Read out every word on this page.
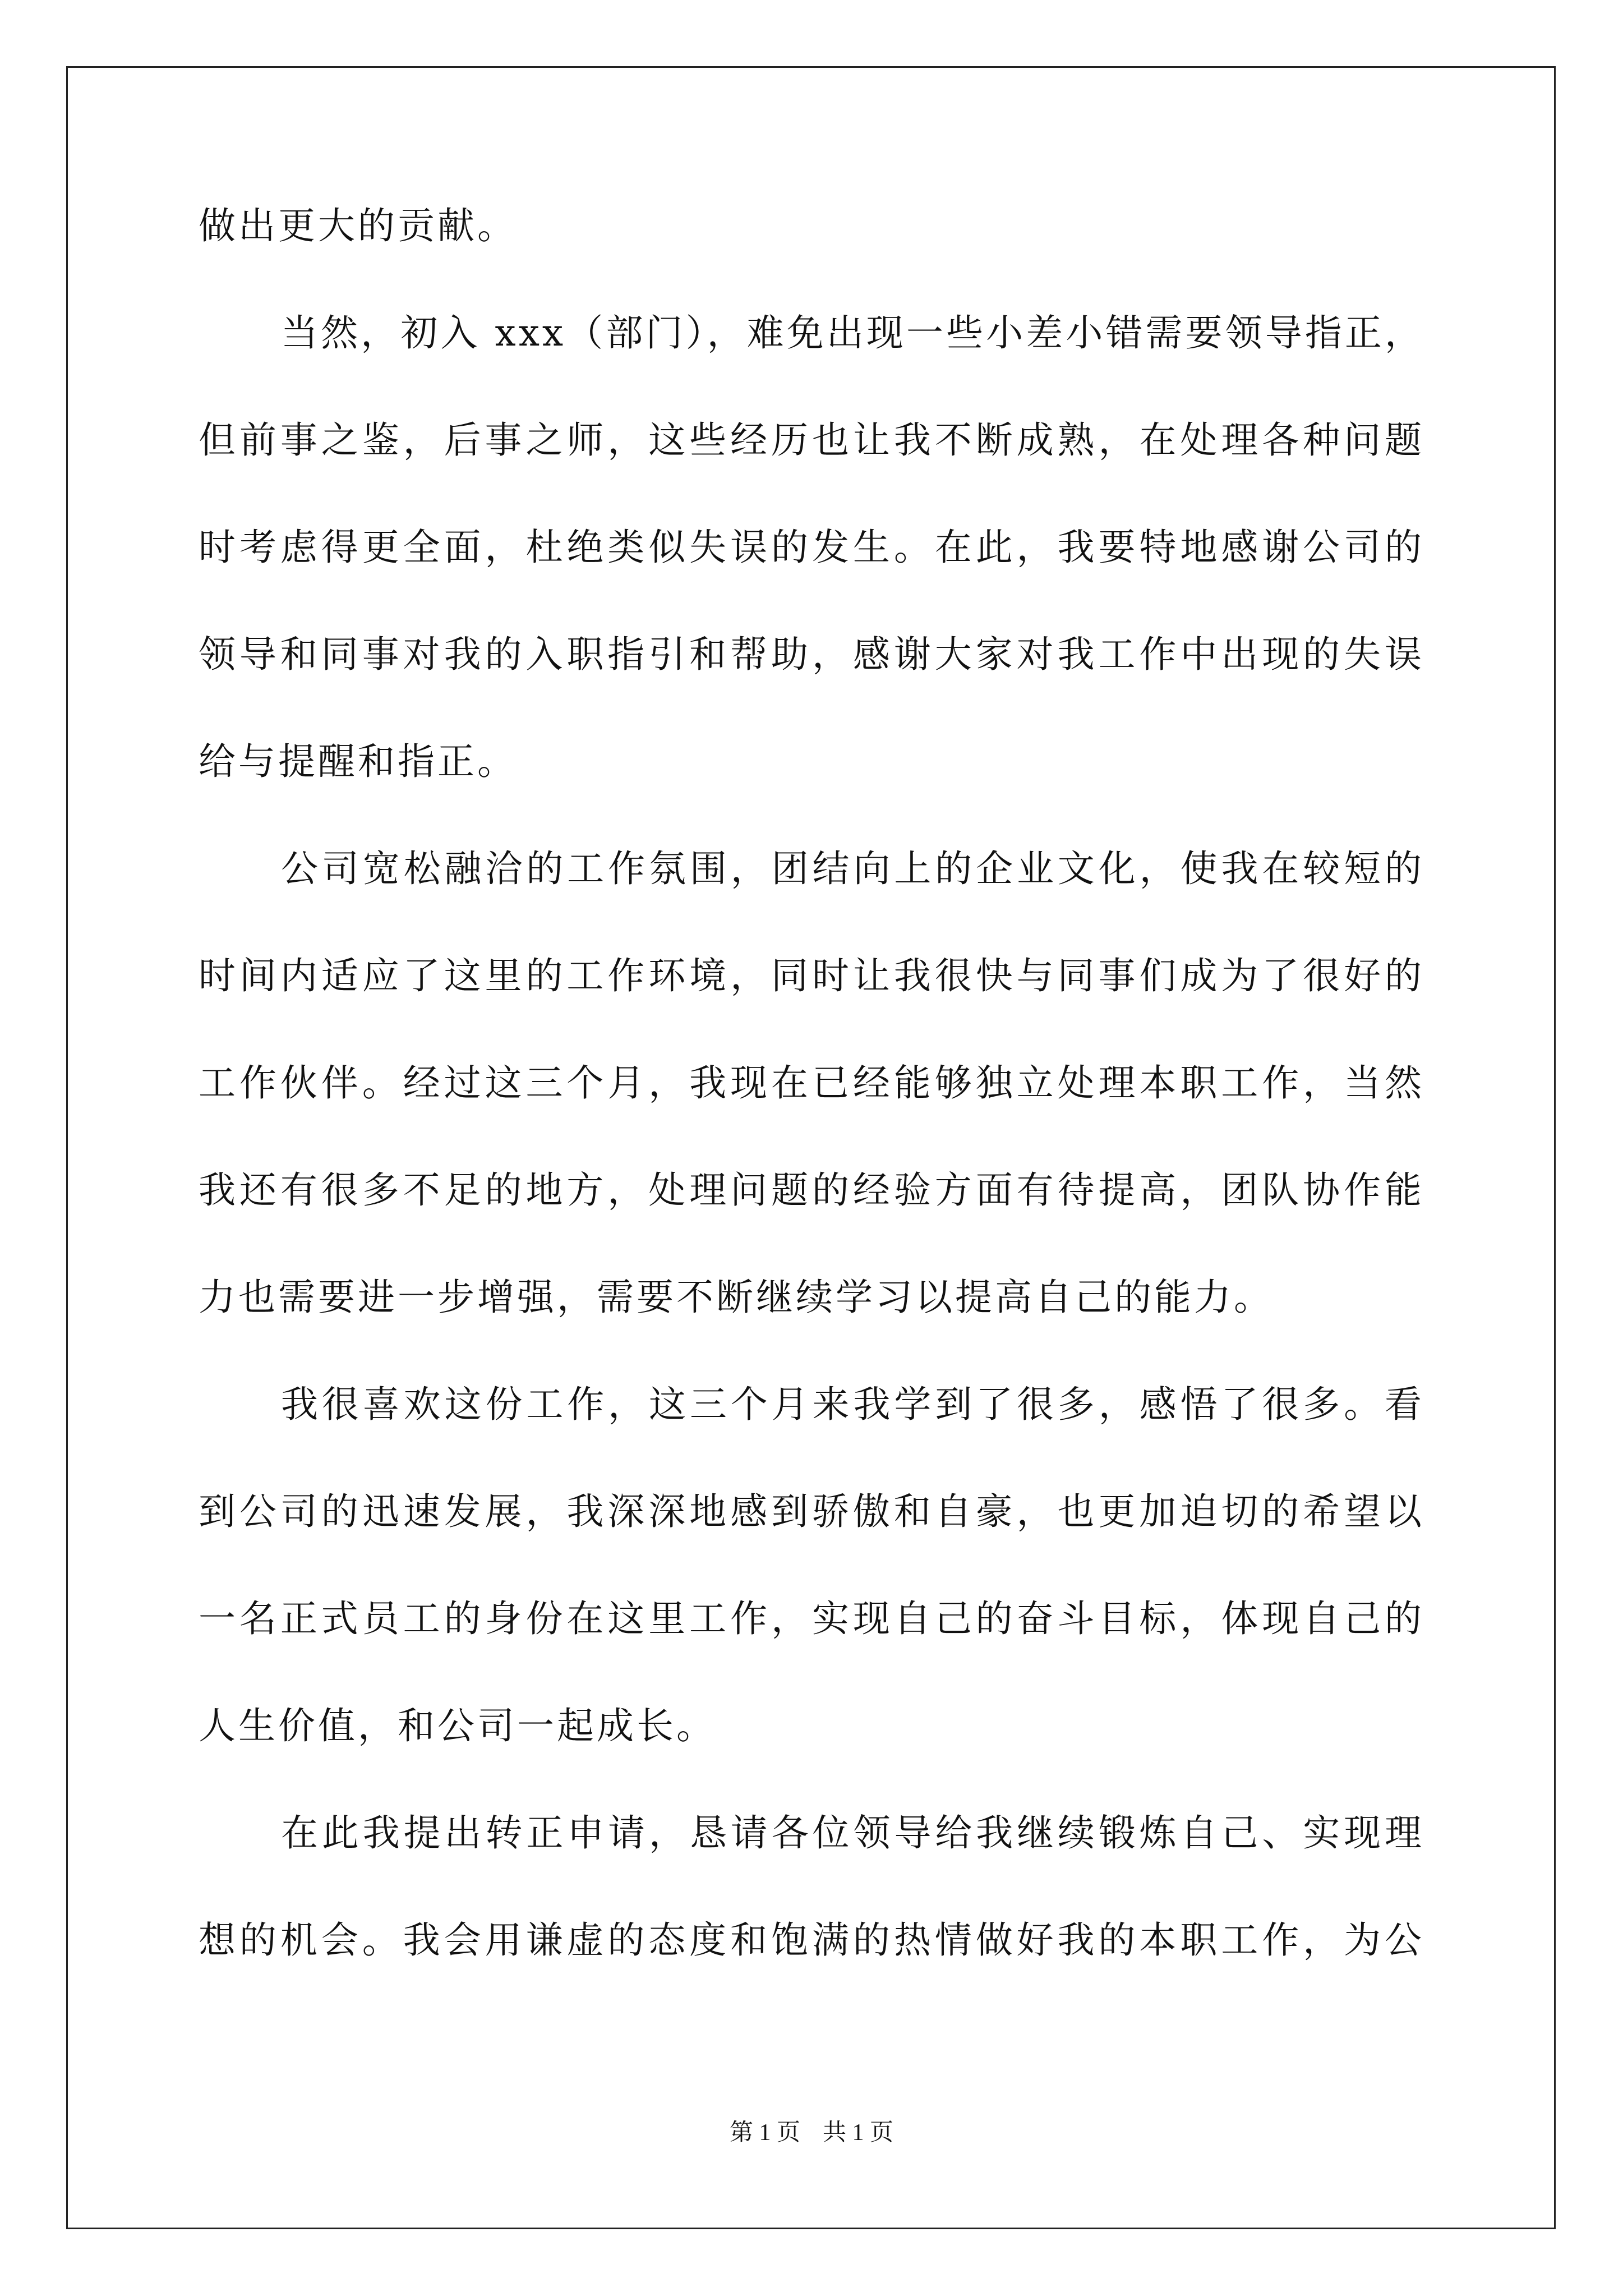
做出更大的贡献。
当然，初入 xxx（部门），难免出现一些小差小错需要领导指正，
但前事之鉴，后事之师，这些经历也让我不断成熟，在处理各种问题
时考虑得更全面，杜绝类似失误的发生。在此，我要特地感谢公司的
领导和同事对我的入职指引和帮助，感谢大家对我工作中出现的失误
给与提醒和指正。
公司宽松融洽的工作氛围，团结向上的企业文化，使我在较短的
时间内适应了这里的工作环境，同时让我很快与同事们成为了很好的
工作伙伴。经过这三个月，我现在已经能够独立处理本职工作，当然
我还有很多不足的地方，处理问题的经验方面有待提高，团队协作能
力也需要进一步增强，需要不断继续学习以提高自己的能力。
我很喜欢这份工作，这三个月来我学到了很多，感悟了很多。看
到公司的迅速发展，我深深地感到骄傲和自豪，也更加迫切的希望以
一名正式员工的身份在这里工作，实现自己的奋斗目标，体现自己的
人生价值，和公司一起成长。
在此我提出转正申请，恳请各位领导给我继续锻炼自己、实现理
想的机会。我会用谦虚的态度和饱满的热情做好我的本职工作，为公
第 1 页 共 1 页
